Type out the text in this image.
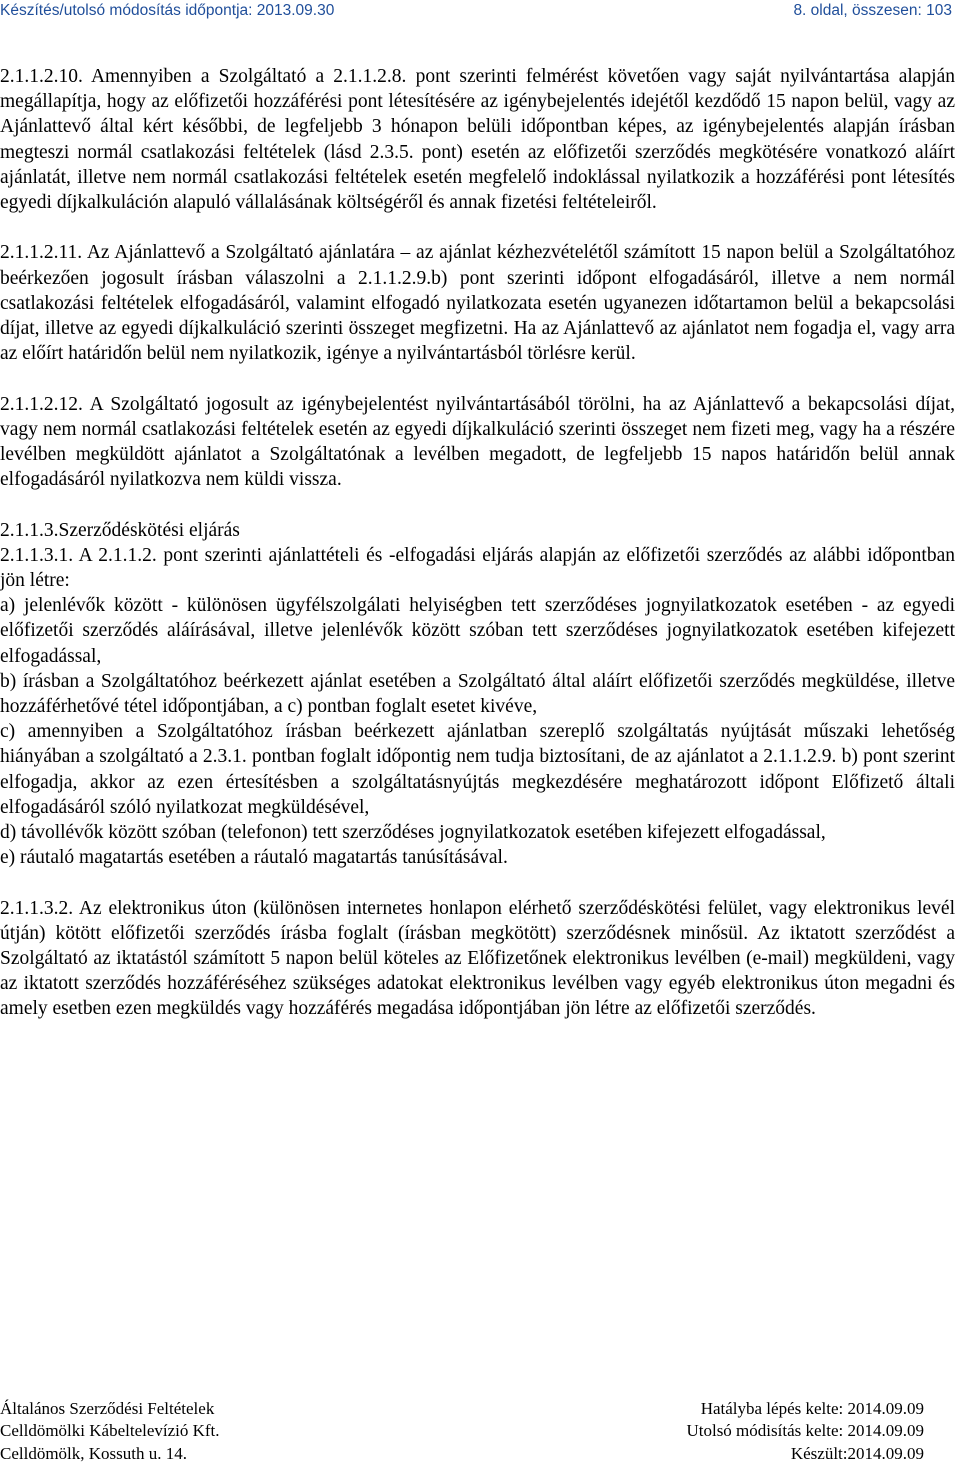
Készítés/utolsó módosítás időpontja: 2013.09.30	8. oldal, összesen: 103

2.1.1.2.10. Amennyiben a Szolgáltató a 2.1.1.2.8. pont szerinti felmérést követően vagy saját nyilvántartása alapján megállapítja, hogy az előfizetői hozzáférési pont létesítésére az igénybejelentés idejétől kezdődő 15 napon belül, vagy az Ajánlattevő által kért későbbi, de legfeljebb 3 hónapon belüli időpontban képes, az igénybejelentés alapján írásban megteszi normál csatlakozási feltételek (lásd 2.3.5. pont) esetén az előfizetői szerződés megkötésére vonatkozó aláírt ajánlatát, illetve nem normál csatlakozási feltételek esetén megfelelő indoklással nyilatkozik a hozzáférési pont létesítés egyedi díjkalkuláción alapuló vállalásának költségéről és annak fizetési feltételeiről.

2.1.1.2.11. Az Ajánlattevő a Szolgáltató ajánlatára – az ajánlat kézhezvételétől számított 15 napon belül a Szolgáltatóhoz beérkezően jogosult írásban válaszolni a 2.1.1.2.9.b) pont szerinti időpont elfogadásáról, illetve a nem normál csatlakozási feltételek elfogadásáról, valamint elfogadó nyilatkozata esetén ugyanezen időtartamon belül a bekapcsolási díjat, illetve az egyedi díjkalkuláció szerinti összeget megfizetni. Ha az Ajánlattevő az ajánlatot nem fogadja el, vagy arra az előírt határidőn belül nem nyilatkozik, igénye a nyilvántartásból törlésre kerül.

2.1.1.2.12. A Szolgáltató jogosult az igénybejelentést nyilvántartásából törölni, ha az Ajánlattevő a bekapcsolási díjat, vagy nem normál csatlakozási feltételek esetén az egyedi díjkalkuláció szerinti összeget nem fizeti meg, vagy ha a részére levélben megküldött ajánlatot a Szolgáltatónak a levélben megadott, de legfeljebb 15 napos határidőn belül annak elfogadásáról nyilatkozva nem küldi vissza.

2.1.1.3.Szerződéskötési eljárás

2.1.1.3.1. A 2.1.1.2. pont szerinti ajánlattételi és -elfogadási eljárás alapján az előfizetői szerződés az alábbi időpontban jön létre:

a) jelenlévők között - különösen ügyfélszolgálati helyiségben tett szerződéses jognyilatkozatok esetében - az egyedi előfizetői szerződés aláírásával, illetve jelenlévők között szóban tett szerződéses jognyilatkozatok esetében kifejezett elfogadással,

b) írásban a Szolgáltatóhoz beérkezett ajánlat esetében a Szolgáltató által aláírt előfizetői szerződés megküldése, illetve hozzáférhetővé tétel időpontjában, a c) pontban foglalt esetet kivéve,

c) amennyiben a Szolgáltatóhoz írásban beérkezett ajánlatban szereplő szolgáltatás nyújtását műszaki lehetőség hiányában a szolgáltató a 2.3.1. pontban foglalt időpontig nem tudja biztosítani, de az ajánlatot a 2.1.1.2.9. b) pont szerint elfogadja, akkor az ezen értesítésben a szolgáltatásnyújtás megkezdésére meghatározott időpont Előfizető általi elfogadásáról szóló nyilatkozat megküldésével,

d) távollévők között szóban (telefonon) tett szerződéses jognyilatkozatok esetében kifejezett elfogadással,

e) ráutaló magatartás esetében a ráutaló magatartás tanúsításával.

2.1.1.3.2. Az elektronikus úton (különösen internetes honlapon elérhető szerződéskötési felület, vagy elektronikus levél útján) kötött előfizetői szerződés írásba foglalt (írásban megkötött) szerződésnek minősül. Az iktatott szerződést a Szolgáltató az iktatástól számított 5 napon belül köteles az Előfizetőnek elektronikus levélben (e-mail) megküldeni, vagy az iktatott szerződés hozzáféréséhez szükséges adatokat elektronikus levélben vagy egyéb elektronikus úton megadni és amely esetben ezen megküldés vagy hozzáférés megadása időpontjában jön létre az előfizetői szerződés.

Általános Szerződési Feltételek	Hatályba lépés kelte: 2014.09.09
Celldömölki Kábeltelevízió Kft.	Utolsó módisítás kelte: 2014.09.09
Celldömölk, Kossuth u. 14.	Készült:2014.09.09
